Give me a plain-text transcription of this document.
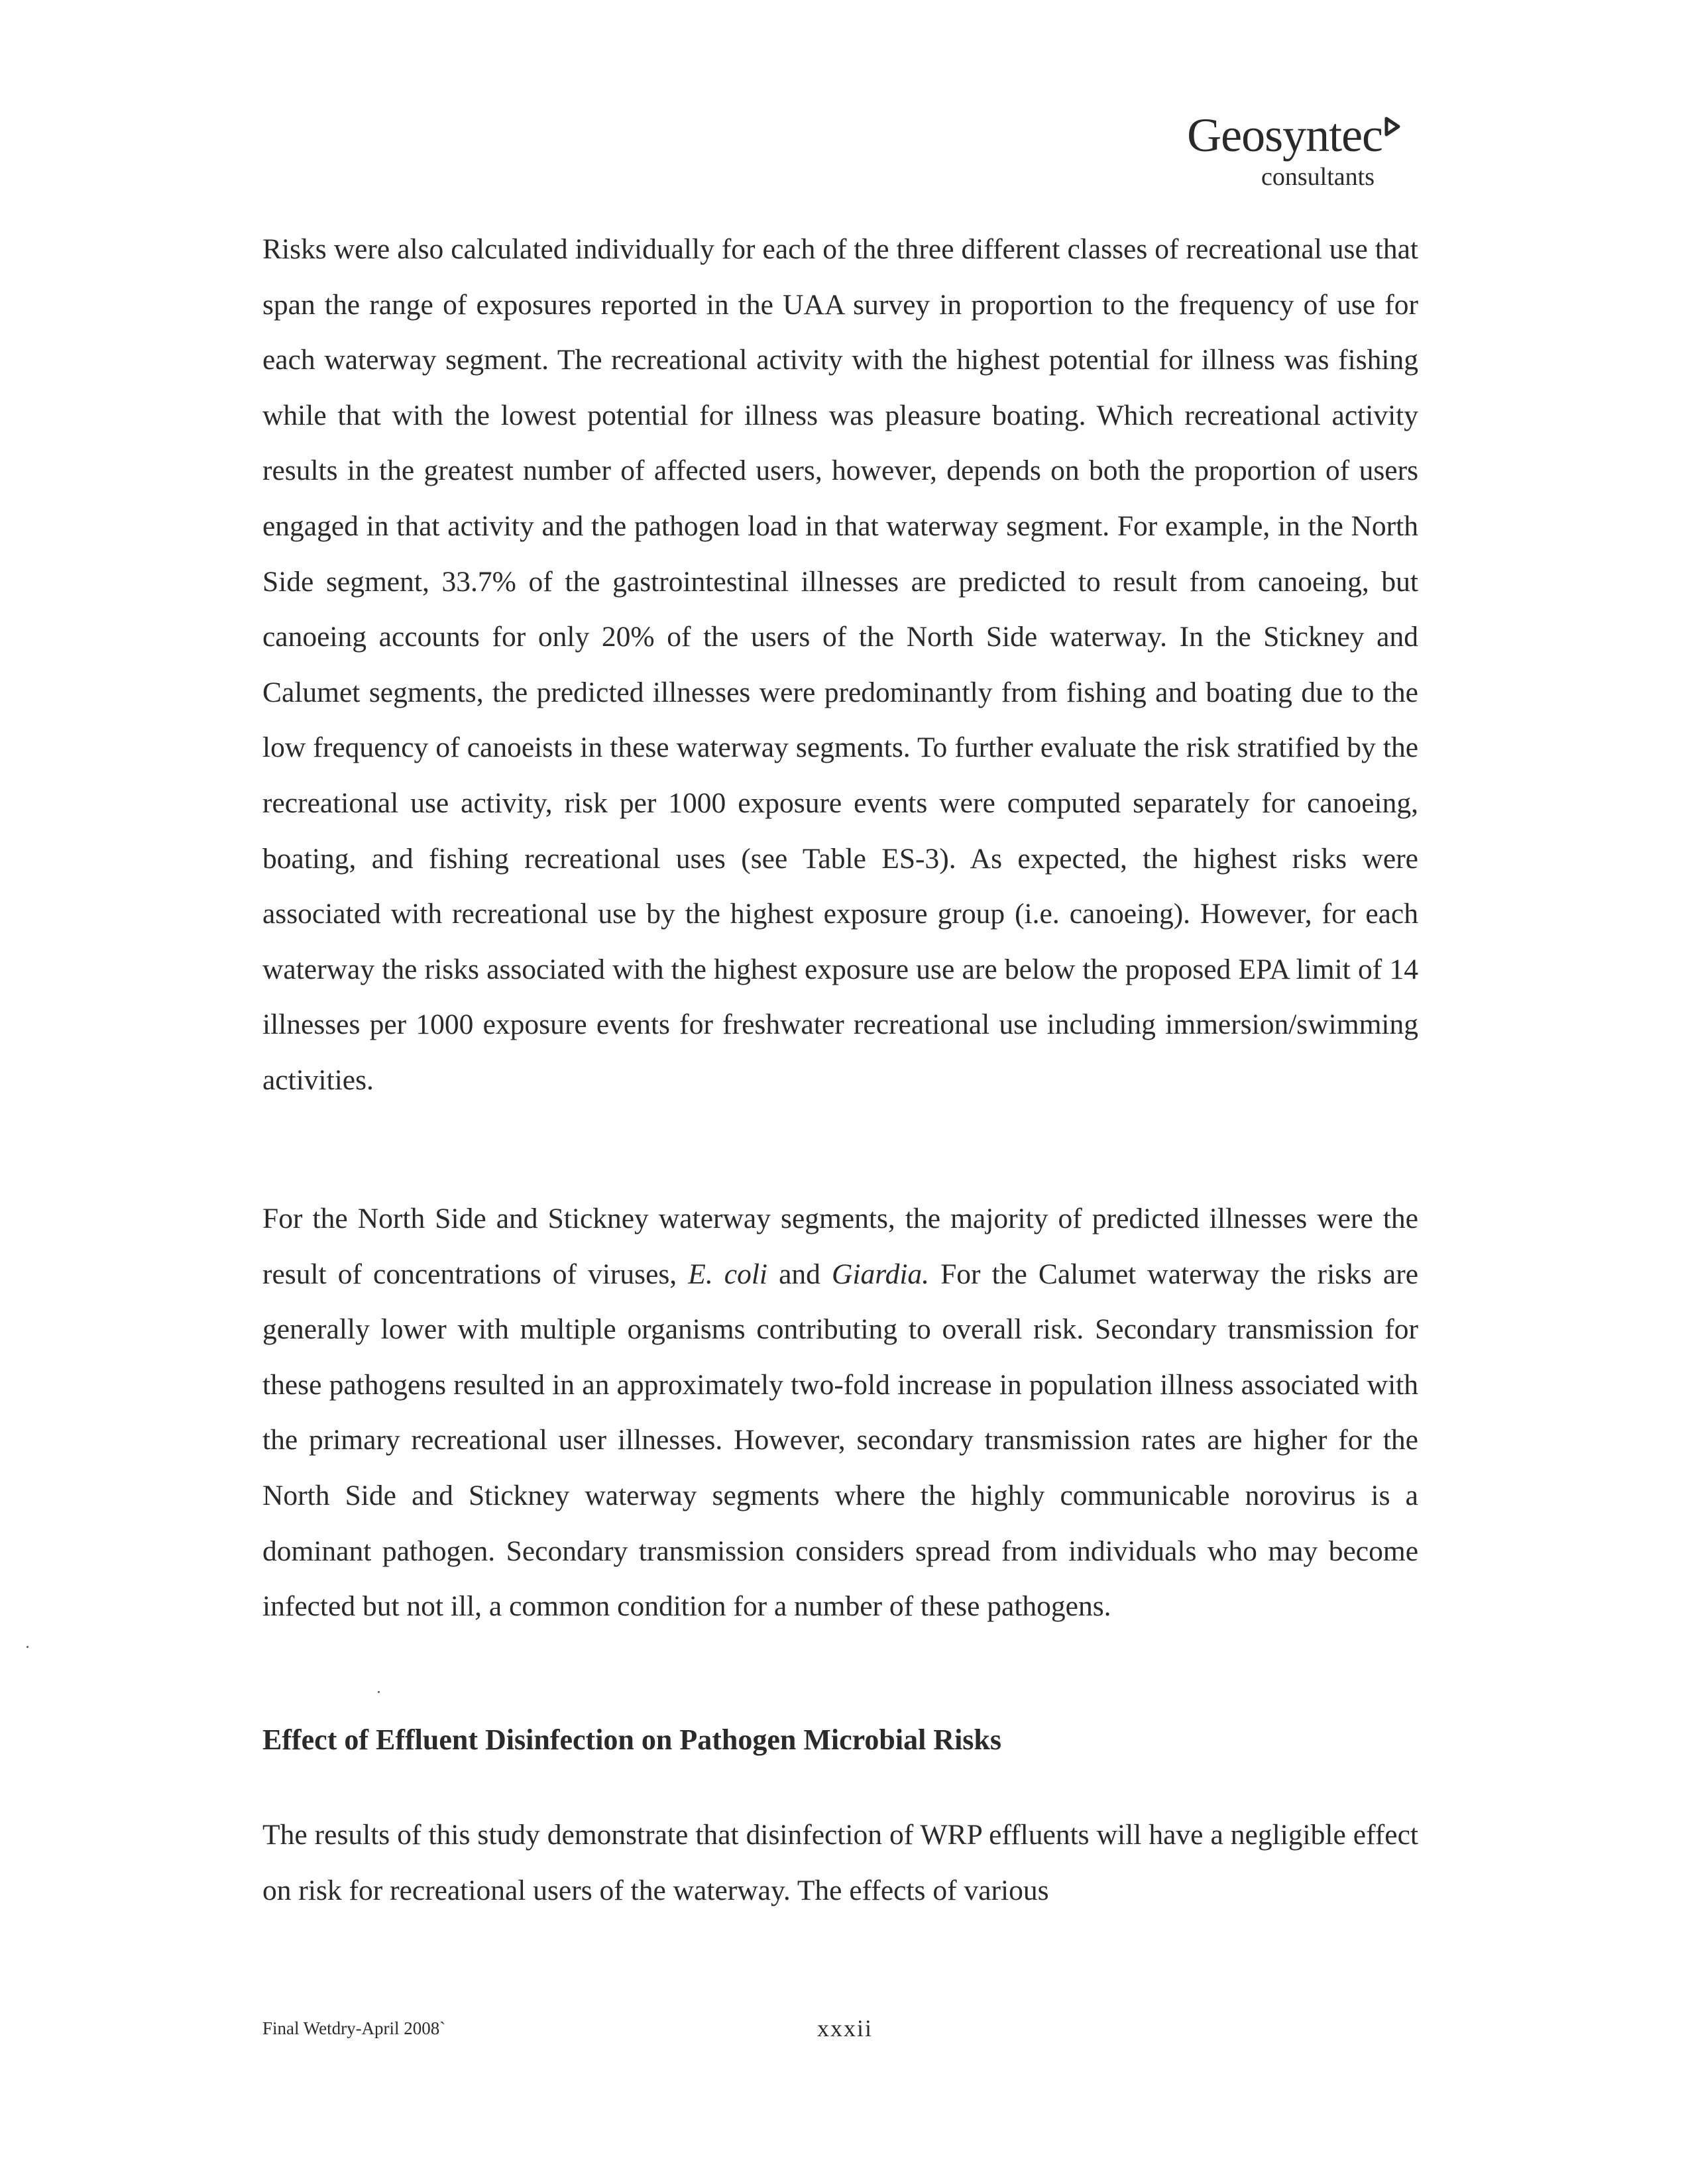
Geosyntec
consultants

Risks were also calculated individually for each of the three different classes of recreational use that span the range of exposures reported in the UAA survey in proportion to the frequency of use for each waterway segment. The recreational activity with the highest potential for illness was fishing while that with the lowest potential for illness was pleasure boating. Which recreational activity results in the greatest number of affected users, however, depends on both the proportion of users engaged in that activity and the pathogen load in that waterway segment. For example, in the North Side segment, 33.7% of the gastrointestinal illnesses are predicted to result from canoeing, but canoeing accounts for only 20% of the users of the North Side waterway. In the Stickney and Calumet segments, the predicted illnesses were predominantly from fishing and boating due to the low frequency of canoeists in these waterway segments. To further evaluate the risk stratified by the recreational use activity, risk per 1000 exposure events were computed separately for canoeing, boating, and fishing recreational uses (see Table ES-3). As expected, the highest risks were associated with recreational use by the highest exposure group (i.e. canoeing). However, for each waterway the risks associated with the highest exposure use are below the proposed EPA limit of 14 illnesses per 1000 exposure events for freshwater recreational use including immersion/swimming activities.

For the North Side and Stickney waterway segments, the majority of predicted illnesses were the result of concentrations of viruses, E. coli and Giardia. For the Calumet waterway the risks are generally lower with multiple organisms contributing to overall risk. Secondary transmission for these pathogens resulted in an approximately two-fold increase in population illness associated with the primary recreational user illnesses. However, secondary transmission rates are higher for the North Side and Stickney waterway segments where the highly communicable norovirus is a dominant pathogen. Secondary transmission considers spread from individuals who may become infected but not ill, a common condition for a number of these pathogens.

Effect of Effluent Disinfection on Pathogen Microbial Risks

The results of this study demonstrate that disinfection of WRP effluents will have a negligible effect on risk for recreational users of the waterway. The effects of various

Final Wetdry-April 2008`	xxxii
